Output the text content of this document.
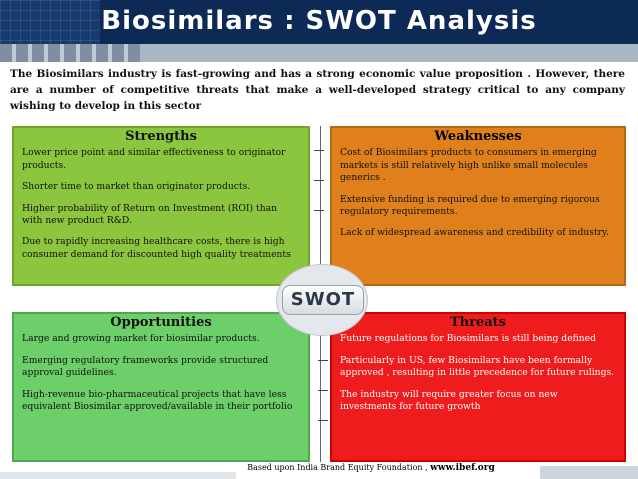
Biosimilars : SWOT Analysis
The Biosimilars industry is fast-growing and has a strong economic value proposition . However, there are a number of competitive threats that make a well-developed strategy critical to any company wishing to develop in this sector
Strengths

Lower price point and similar effectiveness to originator products.

Shorter time to market than originator products.

Higher probability of Return on Investment (ROI) than with new product R&D.

Due to rapidly increasing healthcare costs, there is high consumer demand for discounted high quality treatments

Weaknesses

Cost of Biosimilars products to consumers in emerging markets is still relatively high unlike small molecules generics .

Extensive funding is required due to emerging rigorous regulatory requirements.

Lack of widespread awareness and credibility of industry.

Opportunities

Large and growing market for biosimilar products.

Emerging regulatory frameworks provide structured approval guidelines.

High-revenue bio-pharmaceutical projects that have less equivalent Biosimilar approved/available in their portfolio

Threats

Future regulations for Biosimilars is still being defined

Particularly in US, few Biosimilars have been formally approved , resulting in little precedence for future rulings.

The industry will require greater focus on new investments for future growth

SWOT
Based upon India Brand Equity Foundation , www.ibef.org
